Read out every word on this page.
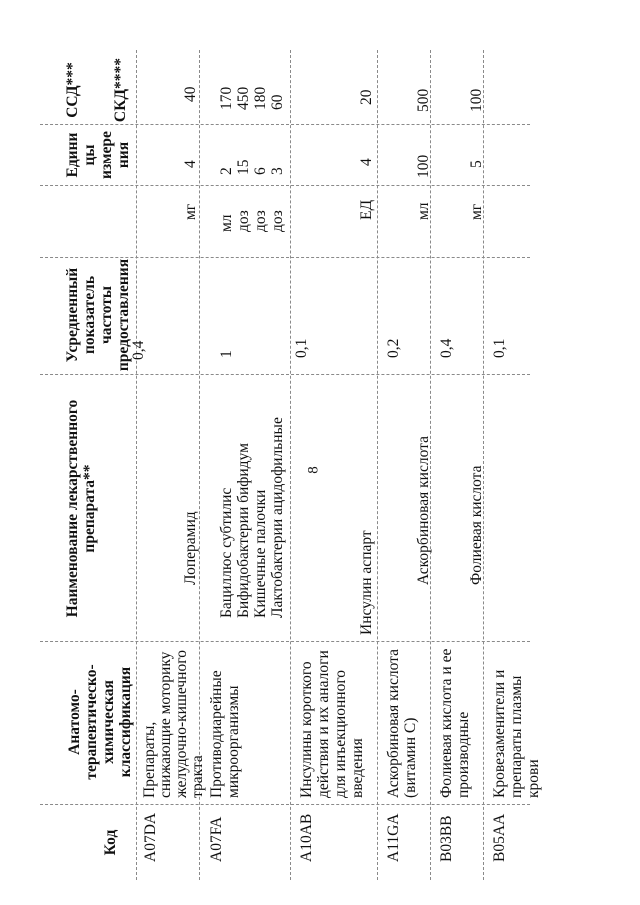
8
Код
Анатомо- терапевтическо- химическая классификация
Наименование лекарственного препарата**
Усредненный показатель частоты предоставления
Едини цы измере ния
ССД*** СКД****
A07DA
Препараты, снижающие моторику желудочно-кишечного тракта
0,4
Лоперамид
мг
4
40
A07FA
Противодиарейные микроорганизмы
1
Бациллюс субтилис Бифидобактерии бифидум Кишечные палочки Лактобактерии ацидофильные
мл доз доз доз
2 15 6 3
170 450 180 60
A10AB
Инсулины короткого действия и их аналоги для инъекционного введения
0,1
Инсулин аспарт
ЕД
4
20
A11GA
Аскорбиновая кислота (витамин С)
0,2
Аскорбиновая кислота
мл
100
500
B03BB
Фолиевая кислота и ее производные
0,4
Фолиевая кислота
мг
5
100
B05AA
Кровезаменители и препараты плазмы крови
0,1
